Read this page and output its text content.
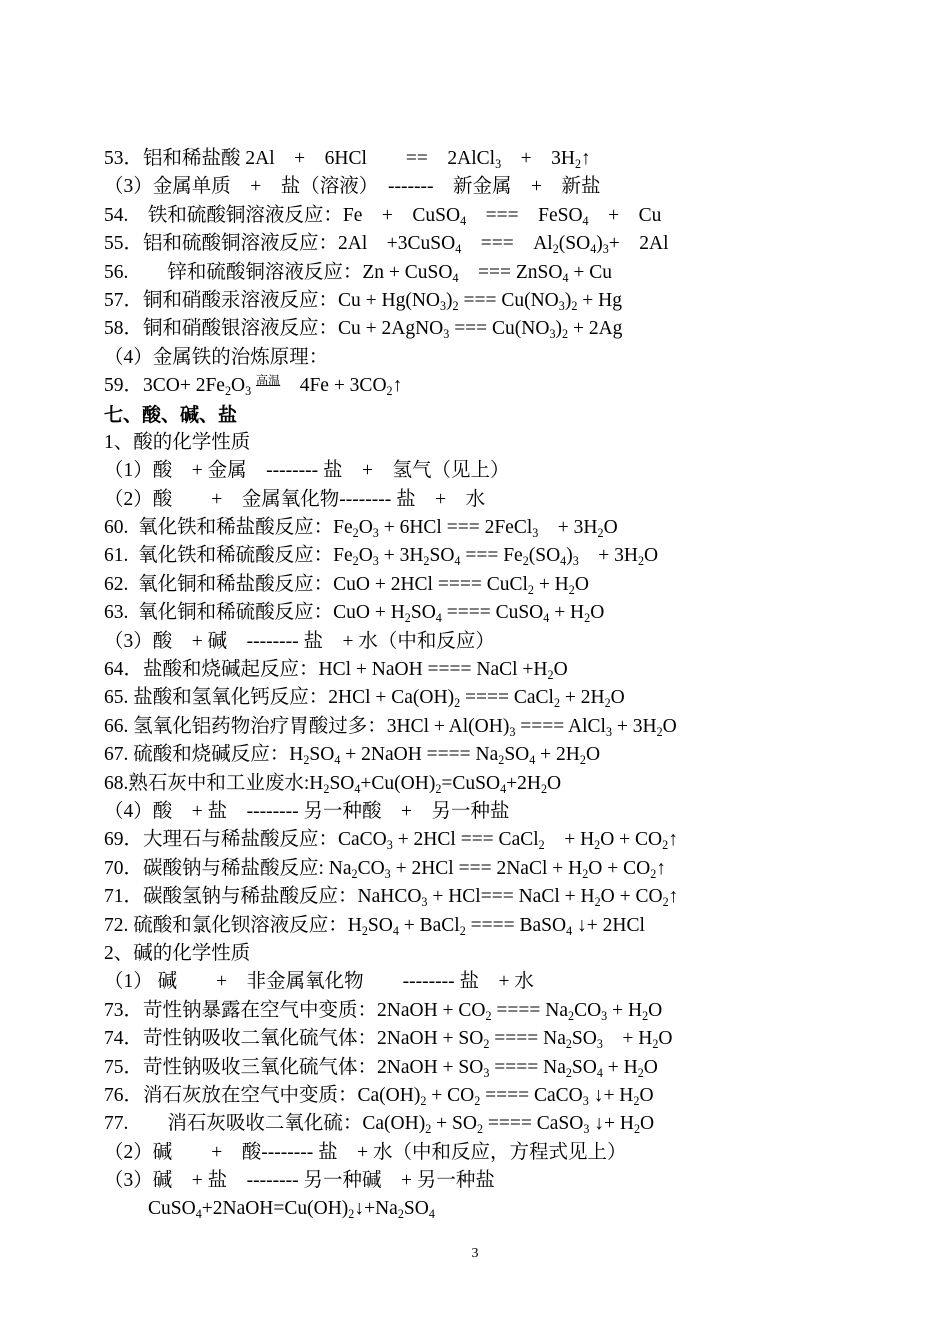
53．铝和稀盐酸 2Al　+　6HCl　　==　2AlCl$_3$　+　$3H_2↑$
（3）金属单质　+　盐（溶液）　-------　新金属　+　新盐
54.　铁和硫酸铜溶液反应：Fe　+　CuSO$_4$　===　FeSO$_4$　+　Cu
55．铝和硫酸铜溶液反应：2Al　+3CuSO$_4$　===　$Al_2(SO_4)_3+$　2Al
56.　　锌和硫酸铜溶液反应：Zn + CuSO$_4$　=== ZnSO$_4$ + Cu
57．铜和硝酸汞溶液反应：$Cu + Hg(NO_3)_2$ === $Cu(NO_3)_2 + Hg$
58．铜和硝酸银溶液反应：Cu + 2AgNO$_3$ === $Cu(NO_3)_2 + 2Ag$
（4）金属铁的治炼原理：
59．$3CO+ 2Fe_2O_3$ $^{高温}$　$4Fe + 3CO_2↑$
七、酸、碱、盐
1、酸的化学性质
（1）酸　+ 金属　-------- 盐　+　氢气（见上）
（2）酸　　+　金属氧化物-------- 盐　+　水
60.  氧化铁和稀盐酸反应：$Fe_2O_3 + 6HCl$ === 2FeCl$_3$　+ $3H_2O$
61.  氧化铁和稀硫酸反应：$Fe_2O_3 + 3H_2SO_4$ === $Fe_2(SO_4)_3$　+ $3H_2O$
62.  氧化铜和稀盐酸反应：CuO + 2HCl ==== CuCl$_2$ + $H_2O$
63.  氧化铜和稀硫酸反应：CuO + $H_2SO_4$ ==== CuSO$_4$ + $H_2O$
（3）酸　+ 碱　-------- 盐　+ 水（中和反应）
64．盐酸和烧碱起反应：HCl + NaOH ==== NaCl $+H_2O$
65. 盐酸和氢氧化钙反应：$2HCl + Ca(OH)_2$ ==== CaCl$_2$ + $2H_2O$
66. 氢氧化铝药物治疗胃酸过多：$3HCl + Al(OH)_3$ ==== AlCl$_3$ + $3H_2O$
67. 硫酸和烧碱反应：$H_2SO_4$ + 2NaOH ==== $Na_2SO_4 + 2H_2O$
68.熟石灰中和工业废水$:H_2SO_4+Cu(OH)_2=CuSO_4+2H_2O$
（4）酸　+ 盐　-------- 另一种酸　+　另一种盐
69．大理石与稀盐酸反应：CaCO$_3$ + 2HCl === CaCl$_2$　+ $H_2O$ + $CO_2↑$
70．碳酸钠与稀盐酸反应: $Na_2CO_3 + 2HCl$ === 2NaCl + $H_2O$ + $CO_2↑$
71．碳酸氢钠与稀盐酸反应：NaHCO$_3$ + HCl=== NaCl + $H_2O$ + $CO_2↑$
72. 硫酸和氯化钡溶液反应：$H_2SO_4$ + BaCl$_2$ ==== BaSO$_4$ ↓+ 2HCl
2、碱的化学性质
（1） 碱　　+　非金属氧化物　　-------- 盐　+ 水
73．苛性钠暴露在空气中变质：2NaOH + $CO_2$ ==== $Na_2CO_3 + H_2O$
74．苛性钠吸收二氧化硫气体：2NaOH + $SO_2$ ==== $Na_2SO_3$　+ $H_2O$
75．苛性钠吸收三氧化硫气体：2NaOH + $SO_3$ ==== $Na_2SO_4 + H_2O$
76．消石灰放在空气中变质：$Ca(OH)_2 + CO_2$ ==== CaCO$_3$ ↓+ $H_2O$
77.　　消石灰吸收二氧化硫：$Ca(OH)_2 + SO_2$ ==== CaSO$_3$ ↓+ $H_2O$
（2）碱　　+　酸-------- 盐　+ 水（中和反应，方程式见上）
（3）碱　+ 盐　-------- 另一种碱　+ 另一种盐
$CuSO_4+2NaOH=Cu(OH)_2↓+Na_2SO_4$
3
